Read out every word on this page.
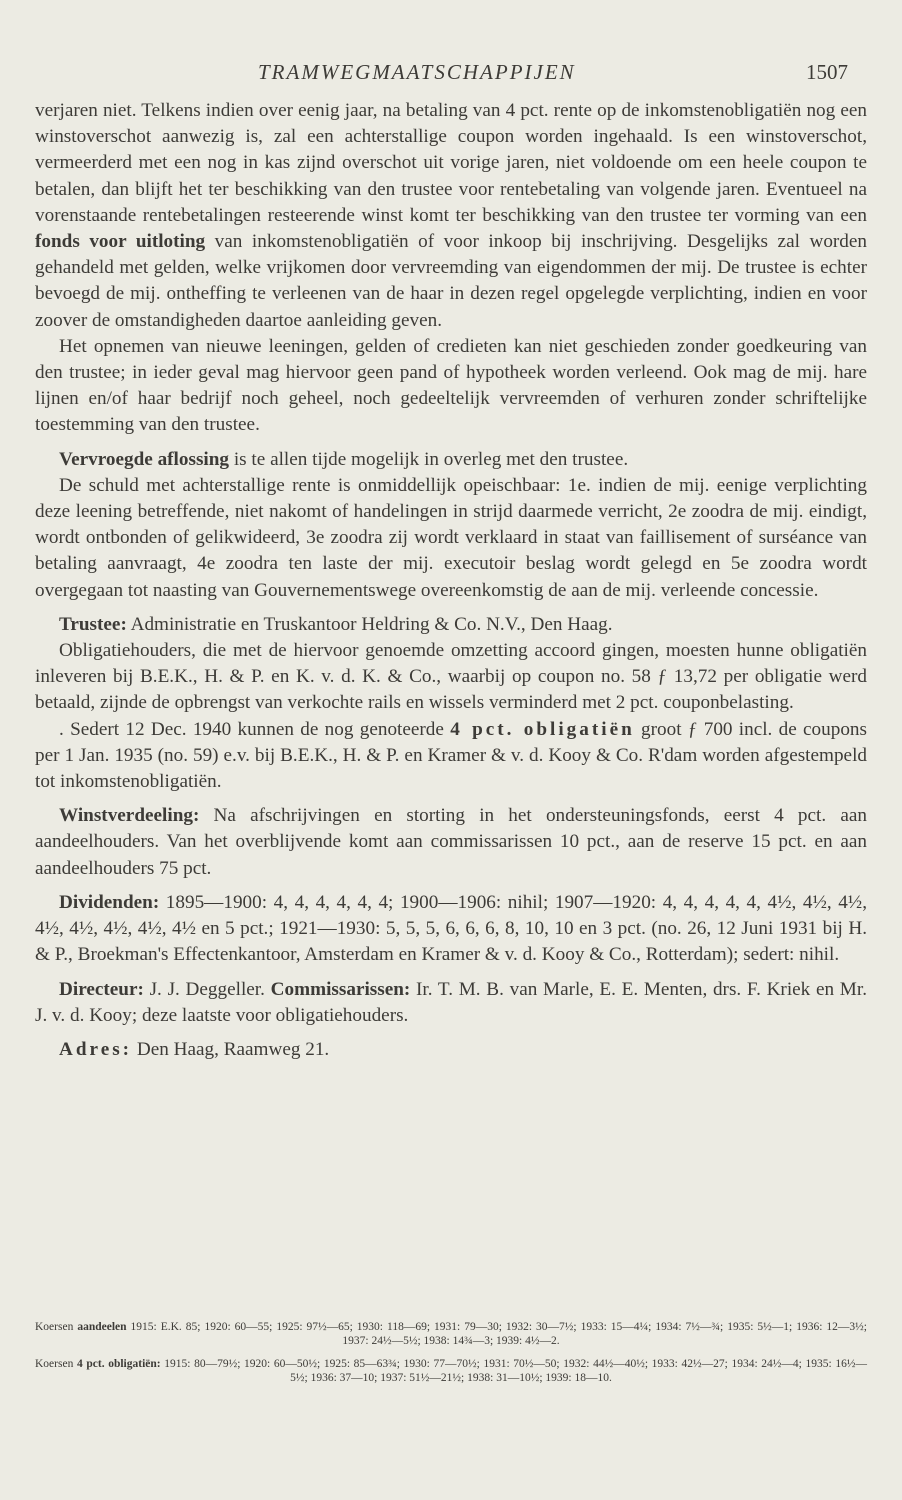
TRAMWEGMAATSCHAPPIJEN	1507

verjaren niet. Telkens indien over eenig jaar, na betaling van 4 pct. rente op de inkomstenobligatiën nog een winstoverschot aanwezig is, zal een achterstallige coupon worden ingehaald. Is een winstoverschot, vermeerderd met een nog in kas zijnd overschot uit vorige jaren, niet voldoende om een heele coupon te betalen, dan blijft het ter beschikking van den trustee voor rentebetaling van volgende jaren. Eventueel na vorenstaande rentebetalingen resteerende winst komt ter beschikking van den trustee ter vorming van een fonds voor uitloting van inkomstenobligatiën of voor inkoop bij inschrijving. Desgelijks zal worden gehandeld met gelden, welke vrijkomen door vervreemding van eigendommen der mij. De trustee is echter bevoegd de mij. ontheffing te verleenen van de haar in dezen regel opgelegde verplichting, indien en voor zoover de omstandigheden daartoe aanleiding geven.

Het opnemen van nieuwe leeningen, gelden of credieten kan niet geschieden zonder goedkeuring van den trustee; in ieder geval mag hiervoor geen pand of hypotheek worden verleend. Ook mag de mij. hare lijnen en/of haar bedrijf noch geheel, noch gedeeltelijk vervreemden of verhuren zonder schriftelijke toestemming van den trustee.

Vervroegde aflossing is te allen tijde mogelijk in overleg met den trustee.

De schuld met achterstallige rente is onmiddellijk opeischbaar: 1e. indien de mij. eenige verplichting deze leening betreffende, niet nakomt of handelingen in strijd daarmede verricht, 2e zoodra de mij. eindigt, wordt ontbonden of gelikwideerd, 3e zoodra zij wordt verklaard in staat van faillisement of surséance van betaling aanvraagt, 4e zoodra ten laste der mij. executoir beslag wordt gelegd en 5e zoodra wordt overgegaan tot naasting van Gouvernementswege overeenkomstig de aan de mij. verleende concessie.

Trustee: Administratie en Truskantoor Heldring & Co. N.V., Den Haag.

Obligatiehouders, die met de hiervoor genoemde omzetting accoord gingen, moesten hunne obligatiën inleveren bij B.E.K., H. & P. en K. v. d. K. & Co., waarbij op coupon no. 58 ƒ 13,72 per obligatie werd betaald, zijnde de opbrengst van verkochte rails en wissels verminderd met 2 pct. couponbelasting.

. Sedert 12 Dec. 1940 kunnen de nog genoteerde 4 pct. obligatiën groot ƒ 700 incl. de coupons per 1 Jan. 1935 (no. 59) e.v. bij B.E.K., H. & P. en Kramer & v. d. Kooy & Co. R'dam worden afgestempeld tot inkomstenobligatiën.

Winstverdeeling: Na afschrijvingen en storting in het ondersteuningsfonds, eerst 4 pct. aan aandeelhouders. Van het overblijvende komt aan commissarissen 10 pct., aan de reserve 15 pct. en aan aandeelhouders 75 pct.

Dividenden: 1895—1900: 4, 4, 4, 4, 4, 4; 1900—1906: nihil; 1907—1920: 4, 4, 4, 4, 4, 4½, 4½, 4½, 4½, 4½, 4½, 4½, 4½ en 5 pct.; 1921—1930: 5, 5, 5, 6, 6, 6, 8, 10, 10 en 3 pct. (no. 26, 12 Juni 1931 bij H. & P., Broekman's Effectenkantoor, Amsterdam en Kramer & v. d. Kooy & Co., Rotterdam); sedert: nihil.

Directeur: J. J. Deggeller. Commissarissen: Ir. T. M. B. van Marle, E. E. Menten, drs. F. Kriek en Mr. J. v. d. Kooy; deze laatste voor obligatiehouders.

Adres: Den Haag, Raamweg 21.

Koersen aandeelen 1915: E.K. 85; 1920: 60—55; 1925: 97½—65; 1930: 118—69; 1931: 79—30; 1932: 30—7½; 1933: 15—4¼; 1934: 7½—¾; 1935: 5½—1; 1936: 12—3½; 1937: 24½—5½; 1938: 14¾—3; 1939: 4½—2.

Koersen 4 pct. obligatiën: 1915: 80—79½; 1920: 60—50½; 1925: 85—63¾; 1930: 77—70½; 1931: 70½—50; 1932: 44½—40½; 1933: 42½—27; 1934: 24½—4; 1935: 16½—5½; 1936: 37—10; 1937: 51½—21½; 1938: 31—10½; 1939: 18—10.
